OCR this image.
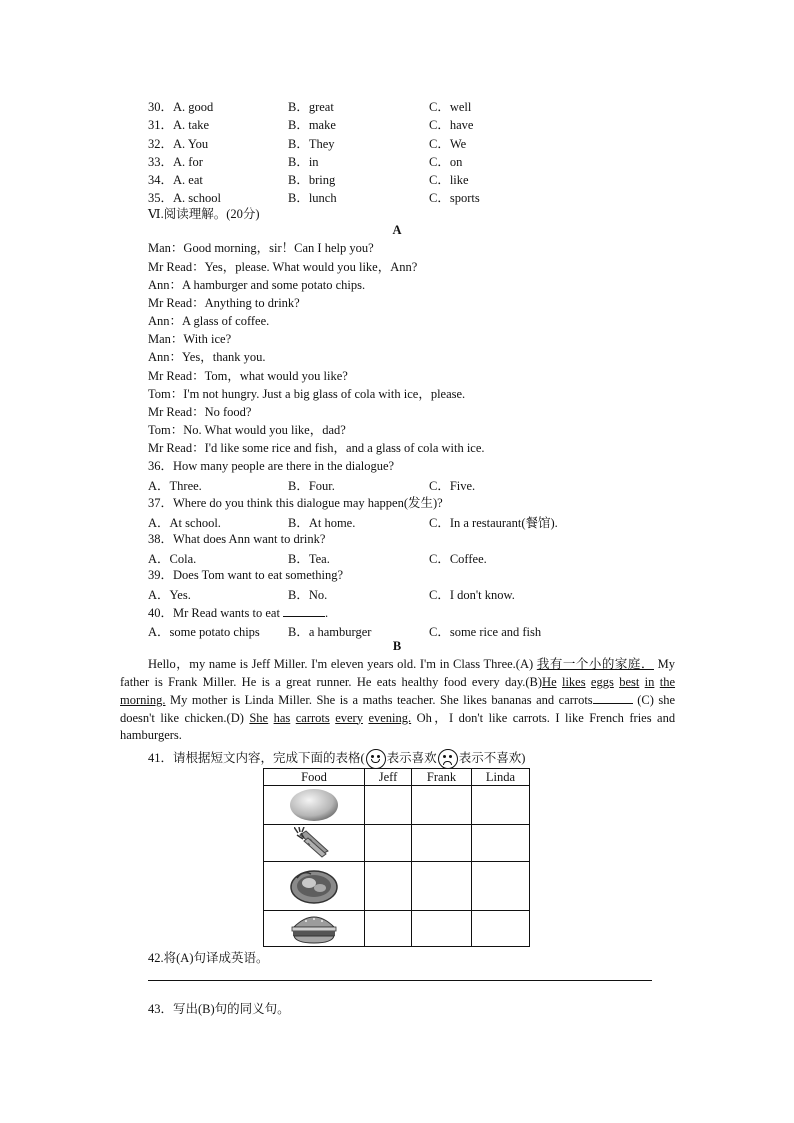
30．A. good	B．great	C．well
31．A. take	B．make	C．have
32．A. You	B．They	C．We
33．A. for	B．in	C．on
34．A. eat	B．bring	C．like
35．A. school	B．lunch	C．sports
Ⅵ.阅读理解。(20分)
A
Man：Good morning，sir！Can I help you?
Mr Read：Yes，please. What would you like，Ann?
Ann：A hamburger and some potato chips.
Mr Read：Anything to drink?
Ann：A glass of coffee.
Man：With ice?
Ann：Yes，thank you.
Mr Read：Tom，what would you like?
Tom：I'm not hungry. Just a big glass of cola with ice，please.
Mr Read：No food?
Tom：No. What would you like，dad?
Mr Read：I'd like some rice and fish，and a glass of cola with ice.
36．How many people are there in the dialogue?
A．Three.	B．Four.	C．Five.
37．Where do you think this dialogue may happen(发生)?
A．At school.	B．At home.	C．In a restaurant(餐馆).
38．What does Ann want to drink?
A．Cola.	B．Tea.	C．Coffee.
39．Does Tom want to eat something?
A．Yes.	B．No.	C．I don't know.
40．Mr Read wants to eat	.
A．some potato chips B．a hamburger	C．some rice and fish
B
Hello，my name is Jeff Miller. I'm eleven years old. I'm in Class Three.(A) 我有一个小的家庭． My father is Frank Miller. He is a great runner. He eats healthy food every day.(B)He likes eggs best in the morning. My mother is Linda Miller. She is a maths teacher. She likes bananas and carrots	(C) she doesn't like chicken.(D) She has carrots every evening. Oh，I don't like carrots. I like French fries and hamburgers.
41．请根据短文内容，完成下面的表格( 表示喜欢 表示不喜欢)
Food	Jeff	Frank	Linda

42.将(A)句译成英语。
43．写出(B)句的同义句。
